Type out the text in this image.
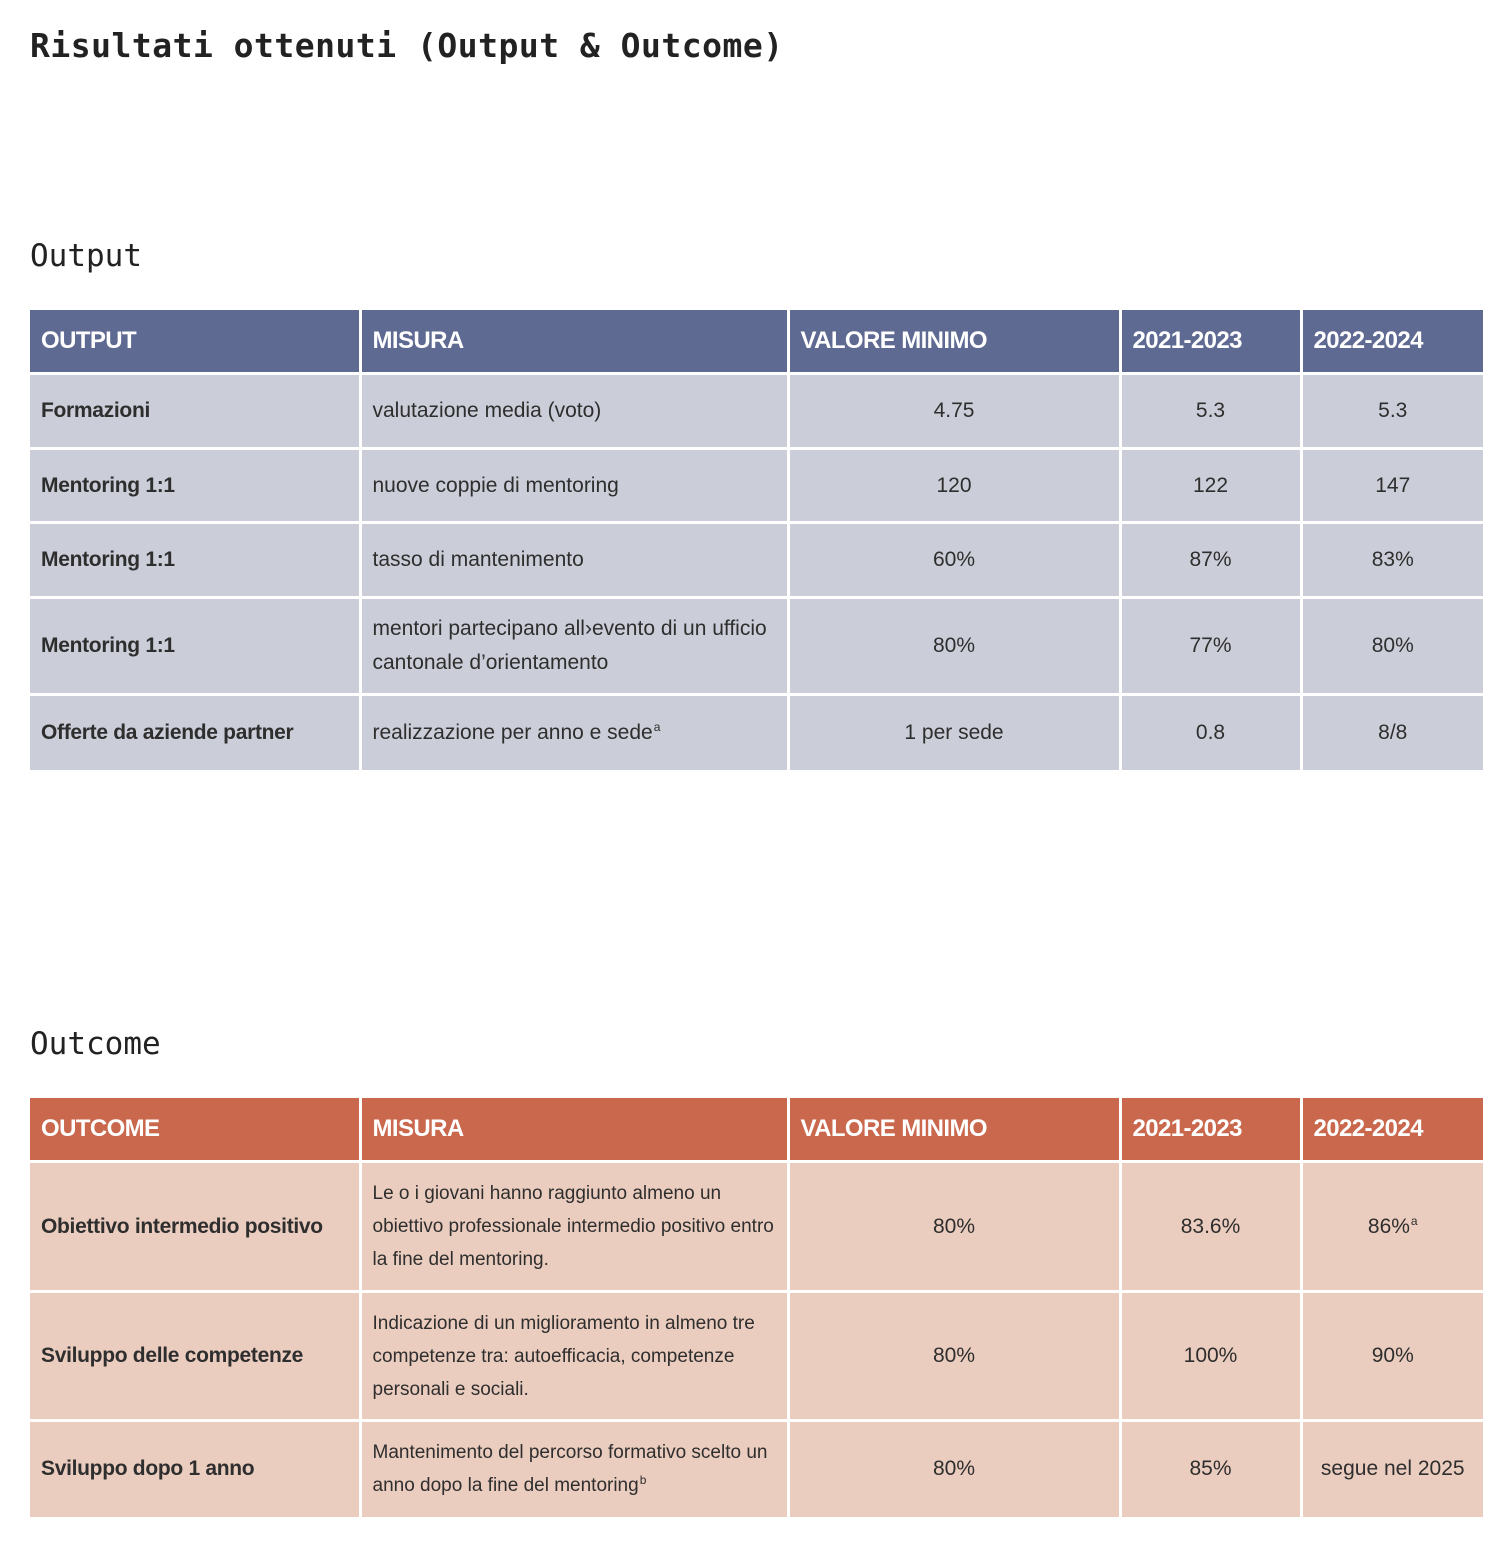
Risultati ottenuti (Output & Outcome)
Output
OUTPUT	MISURA	VALORE MINIMO	2021-2023	2022-2024
Formazioni	valutazione media (voto)	4.75	5.3	5.3
Mentoring 1:1	nuove coppie di mentoring	120	122	147
Mentoring 1:1	tasso di mantenimento	60%	87%	83%
Mentoring 1:1	mentori partecipano all›evento di un ufficio cantonale d’orientamento	80%	77%	80%
Offerte da aziende partner	realizzazione per anno e sede$^a$	1 per sede	0.8	8/8
Outcome
OUTCOME	MISURA	VALORE MINIMO	2021-2023	2022-2024
Obiettivo intermedio positivo	Le o i giovani hanno raggiunto almeno un obiettivo professionale intermedio positivo entro la fine del mentoring.	80%	83.6%	86%$^a$
Sviluppo delle competenze	Indicazione di un miglioramento in almeno tre competenze tra: autoefficacia, competenze personali e sociali.	80%	100%	90%
Sviluppo dopo 1 anno	Mantenimento del percorso formativo scelto un anno dopo la fine del mentoring$^b$	80%	85%	segue nel 2025
